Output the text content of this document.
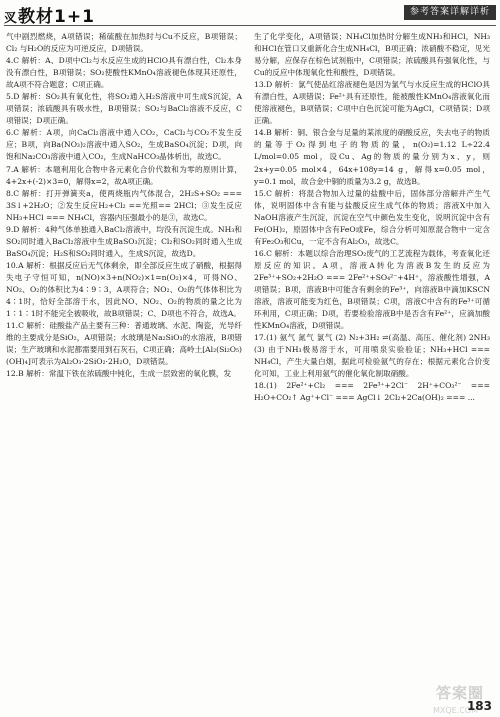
㕚教材1+1	参考答案详解详析

气中剧烈燃烧，A项错误；稀硫酸在加热时与Cu不反应，B项错误；Cl₂ 与H₂O的反应为可逆反应，D项错误。

4.C 解析：A、D项中Cl₂与水反应生成的HClO具有漂白性，Cl₂本身没有漂白性，B项错误；SO₂使酸性KMnO₄溶液褪色体现其还原性，故A项不符合题意；C项正确。

5.D 解析：SO₂具有氧化性，将SO₂通入H₂S溶液中可生成S沉淀，A项错误；浓硫酸具有吸水性，B项错误；SO₂与BaCl₂溶液不反应，C项错误；D项正确。

6.C 解析：A项，向CaCl₂溶液中通入CO₂，CaCl₂与CO₂不发生反应；B项，向Ba(NO₃)₂溶液中通入SO₂，生成BaSO₄沉淀；D项，向饱和Na₂CO₃溶液中通入CO₂，生成NaHCO₃晶体析出，故选C。

7.A 解析：本题利用化合物中各元素化合价代数和为零的原则计算，4+2x+(-2)×3=0，解得x=2，故A项正确。

8.C 解析：打开弹簧夹a，使两烧瓶内气体混合，2H₂S+SO₂ === 3S↓+2H₂O；②发生反应H₂+Cl₂ ==光照== 2HCl；③发生反应NH₃+HCl === NH₄Cl，容器内压强最小的是③，故选C。

9.D 解析：4种气体单独通入BaCl₂溶液中，均没有沉淀生成。NH₃和SO₂同时通入BaCl₂溶液中生成BaSO₃沉淀；Cl₂和SO₂同时通入生成BaSO₄沉淀；H₂S和SO₂同时通入，生成S沉淀，故选D。

10.A 解析：根据反应后无气体剩余，即全部反应生成了硝酸，根据得失电子守恒可知，n(NO)×3+n(NO₂)×1=n(O₂)×4，可得NO、NO₂、O₂的体积比为4∶9∶3，A项符合；NO₂、O₂的气体体积比为4∶1时，恰好全部溶于水，因此NO、NO₂、O₂的物质的量之比为1∶1∶1时不能完全被吸收，故B项错误；C、D项也不符合，故选A。

11.C 解析：硅酸盐产品主要有三种：普通玻璃、水泥、陶瓷，光导纤维的主要成分是SiO₂，A项错误；水玻璃是Na₂SiO₃的水溶液，B项错误；生产玻璃和水泥都需要用到石灰石，C项正确；高岭土[Al₂(Si₂O₅)(OH)₄]可表示为Al₂O₃·2SiO₂·2H₂O，D项错误。

12.B 解析：常温下铁在浓硫酸中钝化，生成一层致密的氧化膜，发

生了化学变化，A项错误；NH₄Cl加热时分解生成NH₃和HCl，NH₃和HCl在管口又重新化合生成NH₄Cl，B项正确；浓硝酸不稳定，见光易分解，应保存在棕色试剂瓶中，C项错误；浓硫酸具有强氧化性，与Cu的反应中体现氧化性和酸性，D项错误。

13.D 解析：氯气使品红溶液褪色是因为氯气与水反应生成的HClO具有漂白性，A项错误；Fe²⁺具有还原性，能被酸性KMnO₄溶液氧化而使溶液褪色，B项错误；C项中白色沉淀可能为AgCl，C项错误；D项正确。

14.B 解析：铜、银合金与足量的某浓度的硝酸反应，失去电子的物质的量等于O₂得到电子的物质的量，n(O₂)=1.12 L÷22.4 L/mol=0.05 mol，设Cu、Ag的物质的量分别为x、y，则2x+y=0.05 mol×4，64x+108y=14 g，解得x=0.05 mol，y=0.1 mol，故合金中铜的质量为3.2 g，故选B。

15.C 解析：将混合物加入过量的盐酸中后，固体部分溶解并产生气体，说明固体中含有能与盐酸反应生成气体的物质；溶液X中加入NaOH溶液产生沉淀，沉淀在空气中颜色发生变化，说明沉淀中含有Fe(OH)₂，原固体中含有FeO或Fe，综合分析可知原混合物中一定含有Fe₂O₃和Cu，一定不含有Al₂O₃，故选C。

16.C 解析：本题以综合治理SO₂废气的工艺流程为载体，考查氧化还原反应的知识。A项，溶液A转化为溶液B发生的反应为2Fe³⁺+SO₂+2H₂O === 2Fe²⁺+SO₄²⁻+4H⁺，溶液酸性增强，A项错误；B项，溶液B中可能含有剩余的Fe³⁺，向溶液B中滴加KSCN溶液，溶液可能变为红色，B项错误；C项，溶液C中含有的Fe³⁺可循环利用，C项正确；D项，若要检验溶液B中是否含有Fe²⁺，应滴加酸性KMnO₄溶液，D项错误。

17.(1) 氨气 氮气 氯气 (2) N₂+3H₂ ⇌(高温、高压、催化剂) 2NH₃ (3) 由于NH₃极易溶于水，可用喷泉实验验证；NH₃+HCl === NH₄Cl，产生大量白烟，据此可检验氨气的存在；根据元素化合价变化可知，工业上利用氨气的催化氧化制取硝酸。

18.(1) 2Fe²⁺+Cl₂ === 2Fe³⁺+2Cl⁻ 2H⁺+CO₃²⁻ === H₂O+CO₂↑ Ag⁺+Cl⁻ === AgCl↓ 2Cl₂+2Ca(OH)₂ === ...

答案圈
MXQE.COM
183
